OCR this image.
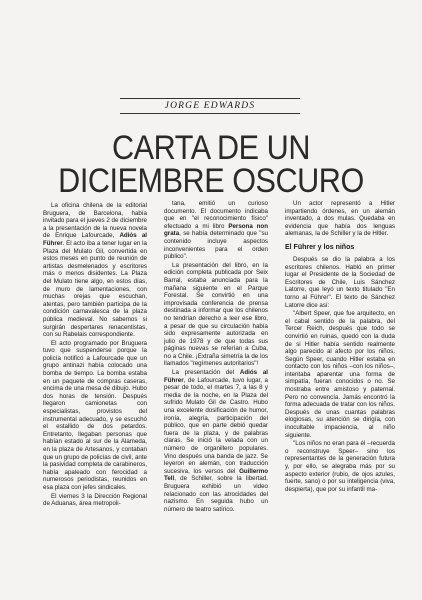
JORGE EDWARDS
CARTA DE UN
DICIEMBRE OSCURO

La oficina chilena de la editorial Bruguera, de Barcelona, había invitado para el jueves 2 de diciembre a la presentación de la nueva novela de Enrique Lafourcade, Adiós al Führer. El acto iba a tener lugar en la Plaza del Mulato Gil, convertida en estos meses en punto de reunión de artistas desmelenados y escritores más o menos disidentes. La Plaza del Mulato tiene algo, en estos días, de muro de lamentaciones, con muchas orejas que escuchan, atentas, pero también participa de la condición carnavalesca de la plaza pública medieval. No sabemos si surgirán despertares renacentistas, con su Rabelais correspondiente.

El acto programado por Bruguera tuvo que suspenderse porque la policía notificó a Lafourcade que un grupo antinazi había colocado una bomba de tiempo. La bomba estaba en un paquete de compras caseras, encima de una mesa de dibujo. Hubo dos horas de tensión. Después llegaron camionetas con especialistas, provistos del instrumental adecuado, y se escuchó el estallido de dos petardos. Entretanto, llegaban personas que habían estado al sur de la Alameda, en la plaza de Artesanos, y contaban que un grupo de policías de civil, ante la pasividad completa de carabineros, había apaleado con ferocidad a numerosos periodistas, reunidos en esa plaza con jefes sindicales.

El viernes 3 la Dirección Regional de Aduanas, área metropoli-

tana, emitió un curioso documento. El documento indicaba que en "el reconocimiento físico" efectuado a mi libro Persona non grata, se había determinado que "su contenido incluye aspectos inconvenientes para el orden público".

La presentación del libro, en la edición completa publicada por Seix Barral, estaba anunciada para la mañana siguiente en el Parque Forestal. Se convirtió en una improvisada conferencia de prensa destinada a informar que los chilenos no tendrían derecho a leer ese libro, a pesar de que su circulación había sido expresamente autorizada en julio de 1978 y de que todas sus páginas nuevas se referían a Cuba, no a Chile. ¡Extraña simetría la de los llamados "regímenes autoritarios"!

La presentación del Adiós al Führer, de Lafourcade, tuvo lugar, a pesar de todo, el martes 7, a las 8 y media de la noche, en la Plaza del sufrido Mulato Gil de Castro. Hubo una excelente dosificación de humor, ironía, alegría, participación del público, que en parte debió quedar fuera de la plaza, y de palabras claras. Se inició la velada con un número de organillero populares. Vino después una banda de jazz. Se leyeron en alemán, con traducción sucesiva, los versos del Guillermo Tell, de Schiller, sobre la libertad. Bruguera exhibió un video relacionado con las atrocidades del nazismo. En seguida hubo un número de teatro satírico.

Un actor representó a Hitler impartiendo órdenes, en un alemán inventado, a dos mulas. Quedaba en evidencia que había dos lenguas alemanas, la de Schiller y la de Hitler.

El Führer y los niños

Después se dio la palabra a los escritores chilenos. Habló en primer lugar el Presidente de la Sociedad de Escritores de Chile, Luis Sánchez Latorre, que leyó un texto titulado "En torno al Führer". El texto de Sánchez Latorre dice así:

"Albert Speer, que fue arquitecto, en el cabal sentido de la palabra, del Tercer Reich, después que todo se convirtió en ruinas, quedó con la duda de si Hitler había sentido realmente algo parecido al afecto por los niños. Según Speer, cuando Hitler estaba en contacto con los niños –con los niños–, intentaba aparentar una forma de simpatía, fueran conocidos o no. Se mostraba entre amistoso y paternal. Pero no convencía. Jamás encontró la forma adecuada de tratar con los niños. Después de unas cuantas palabras elogiosas, su atención se dirigía, con inocultable impaciencia, al niño siguiente.

"Los niños no eran para él –recuerda o reconstruye Speer– sino los representantes de la generación futura y, por ello, se alegraba más por su aspecto exterior (rubio, de ojos azules, fuerte, sano) o por su inteligencia (viva, despierta), que por su infantil ma-
